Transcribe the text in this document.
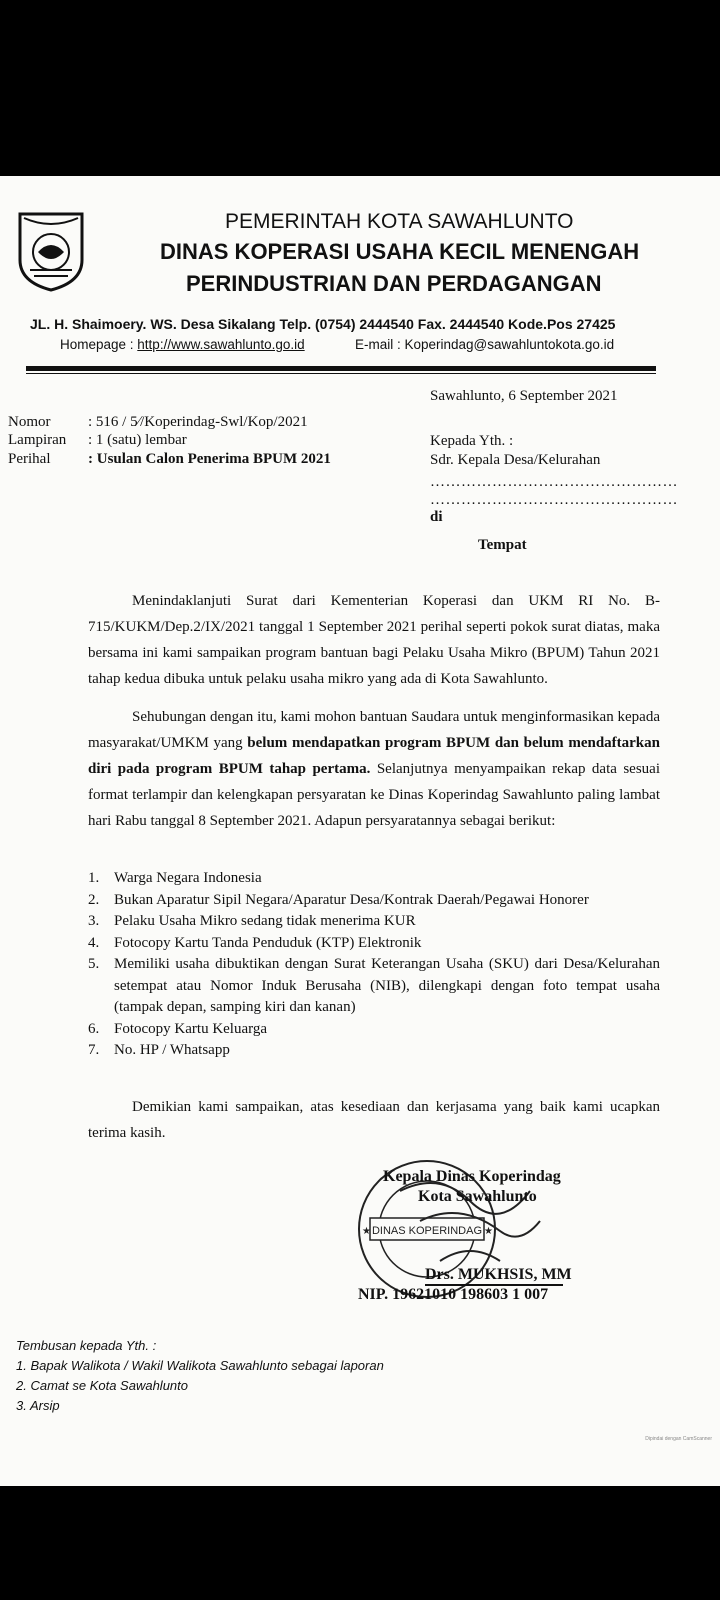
PEMERINTAH KOTA SAWAHLUNTO
DINAS KOPERASI USAHA KECIL MENENGAH
PERINDUSTRIAN DAN PERDAGANGAN
JL. H. Shaimoery. WS. Desa Sikalang Telp. (0754) 2444540 Fax. 2444540 Kode.Pos 27425
Homepage : http://www.sawahlunto.go.id	E-mail : Koperindag@sawahluntokota.go.id
Sawahlunto, 6 September 2021
Nomor	: 516 / 5∕/Koperindag-Swl/Kop/2021
Lampiran : 1 (satu) lembar
Perihal	: Usulan Calon Penerima BPUM 2021
Kepada Yth. :
Sdr. Kepala Desa/Kelurahan
…………………………………………
…………………………………………
di
Tempat
Menindaklanjuti Surat dari Kementerian Koperasi dan UKM RI No. B-715/KUKM/Dep.2/IX/2021 tanggal 1 September 2021 perihal seperti pokok surat diatas, maka bersama ini kami sampaikan program bantuan bagi Pelaku Usaha Mikro (BPUM) Tahun 2021 tahap kedua dibuka untuk pelaku usaha mikro yang ada di Kota Sawahlunto.
Sehubungan dengan itu, kami mohon bantuan Saudara untuk menginformasikan kepada masyarakat/UMKM yang belum mendapatkan program BPUM dan belum mendaftarkan diri pada program BPUM tahap pertama. Selanjutnya menyampaikan rekap data sesuai format terlampir dan kelengkapan persyaratan ke Dinas Koperindag Sawahlunto paling lambat hari Rabu tanggal 8 September 2021. Adapun persyaratannya sebagai berikut:
1. Warga Negara Indonesia
2. Bukan Aparatur Sipil Negara/Aparatur Desa/Kontrak Daerah/Pegawai Honorer
3. Pelaku Usaha Mikro sedang tidak menerima KUR
4. Fotocopy Kartu Tanda Penduduk (KTP) Elektronik
5. Memiliki usaha dibuktikan dengan Surat Keterangan Usaha (SKU) dari Desa/Kelurahan setempat atau Nomor Induk Berusaha (NIB), dilengkapi dengan foto tempat usaha (tampak depan, samping kiri dan kanan)
6. Fotocopy Kartu Keluarga
7. No. HP / Whatsapp
Demikian kami sampaikan, atas kesediaan dan kerjasama yang baik kami ucapkan terima kasih.
DINAS KOPERINDAG
★	★
Kepala Dinas Koperindag
Kota Sawahlunto
Drs. MUKHSIS, MM
NIP. 19621010 198603 1 007
Tembusan kepada Yth. :
1. Bapak Walikota / Wakil Walikota Sawahlunto sebagai laporan
2. Camat se Kota Sawahlunto
3. Arsip
Dipindai dengan CamScanner
